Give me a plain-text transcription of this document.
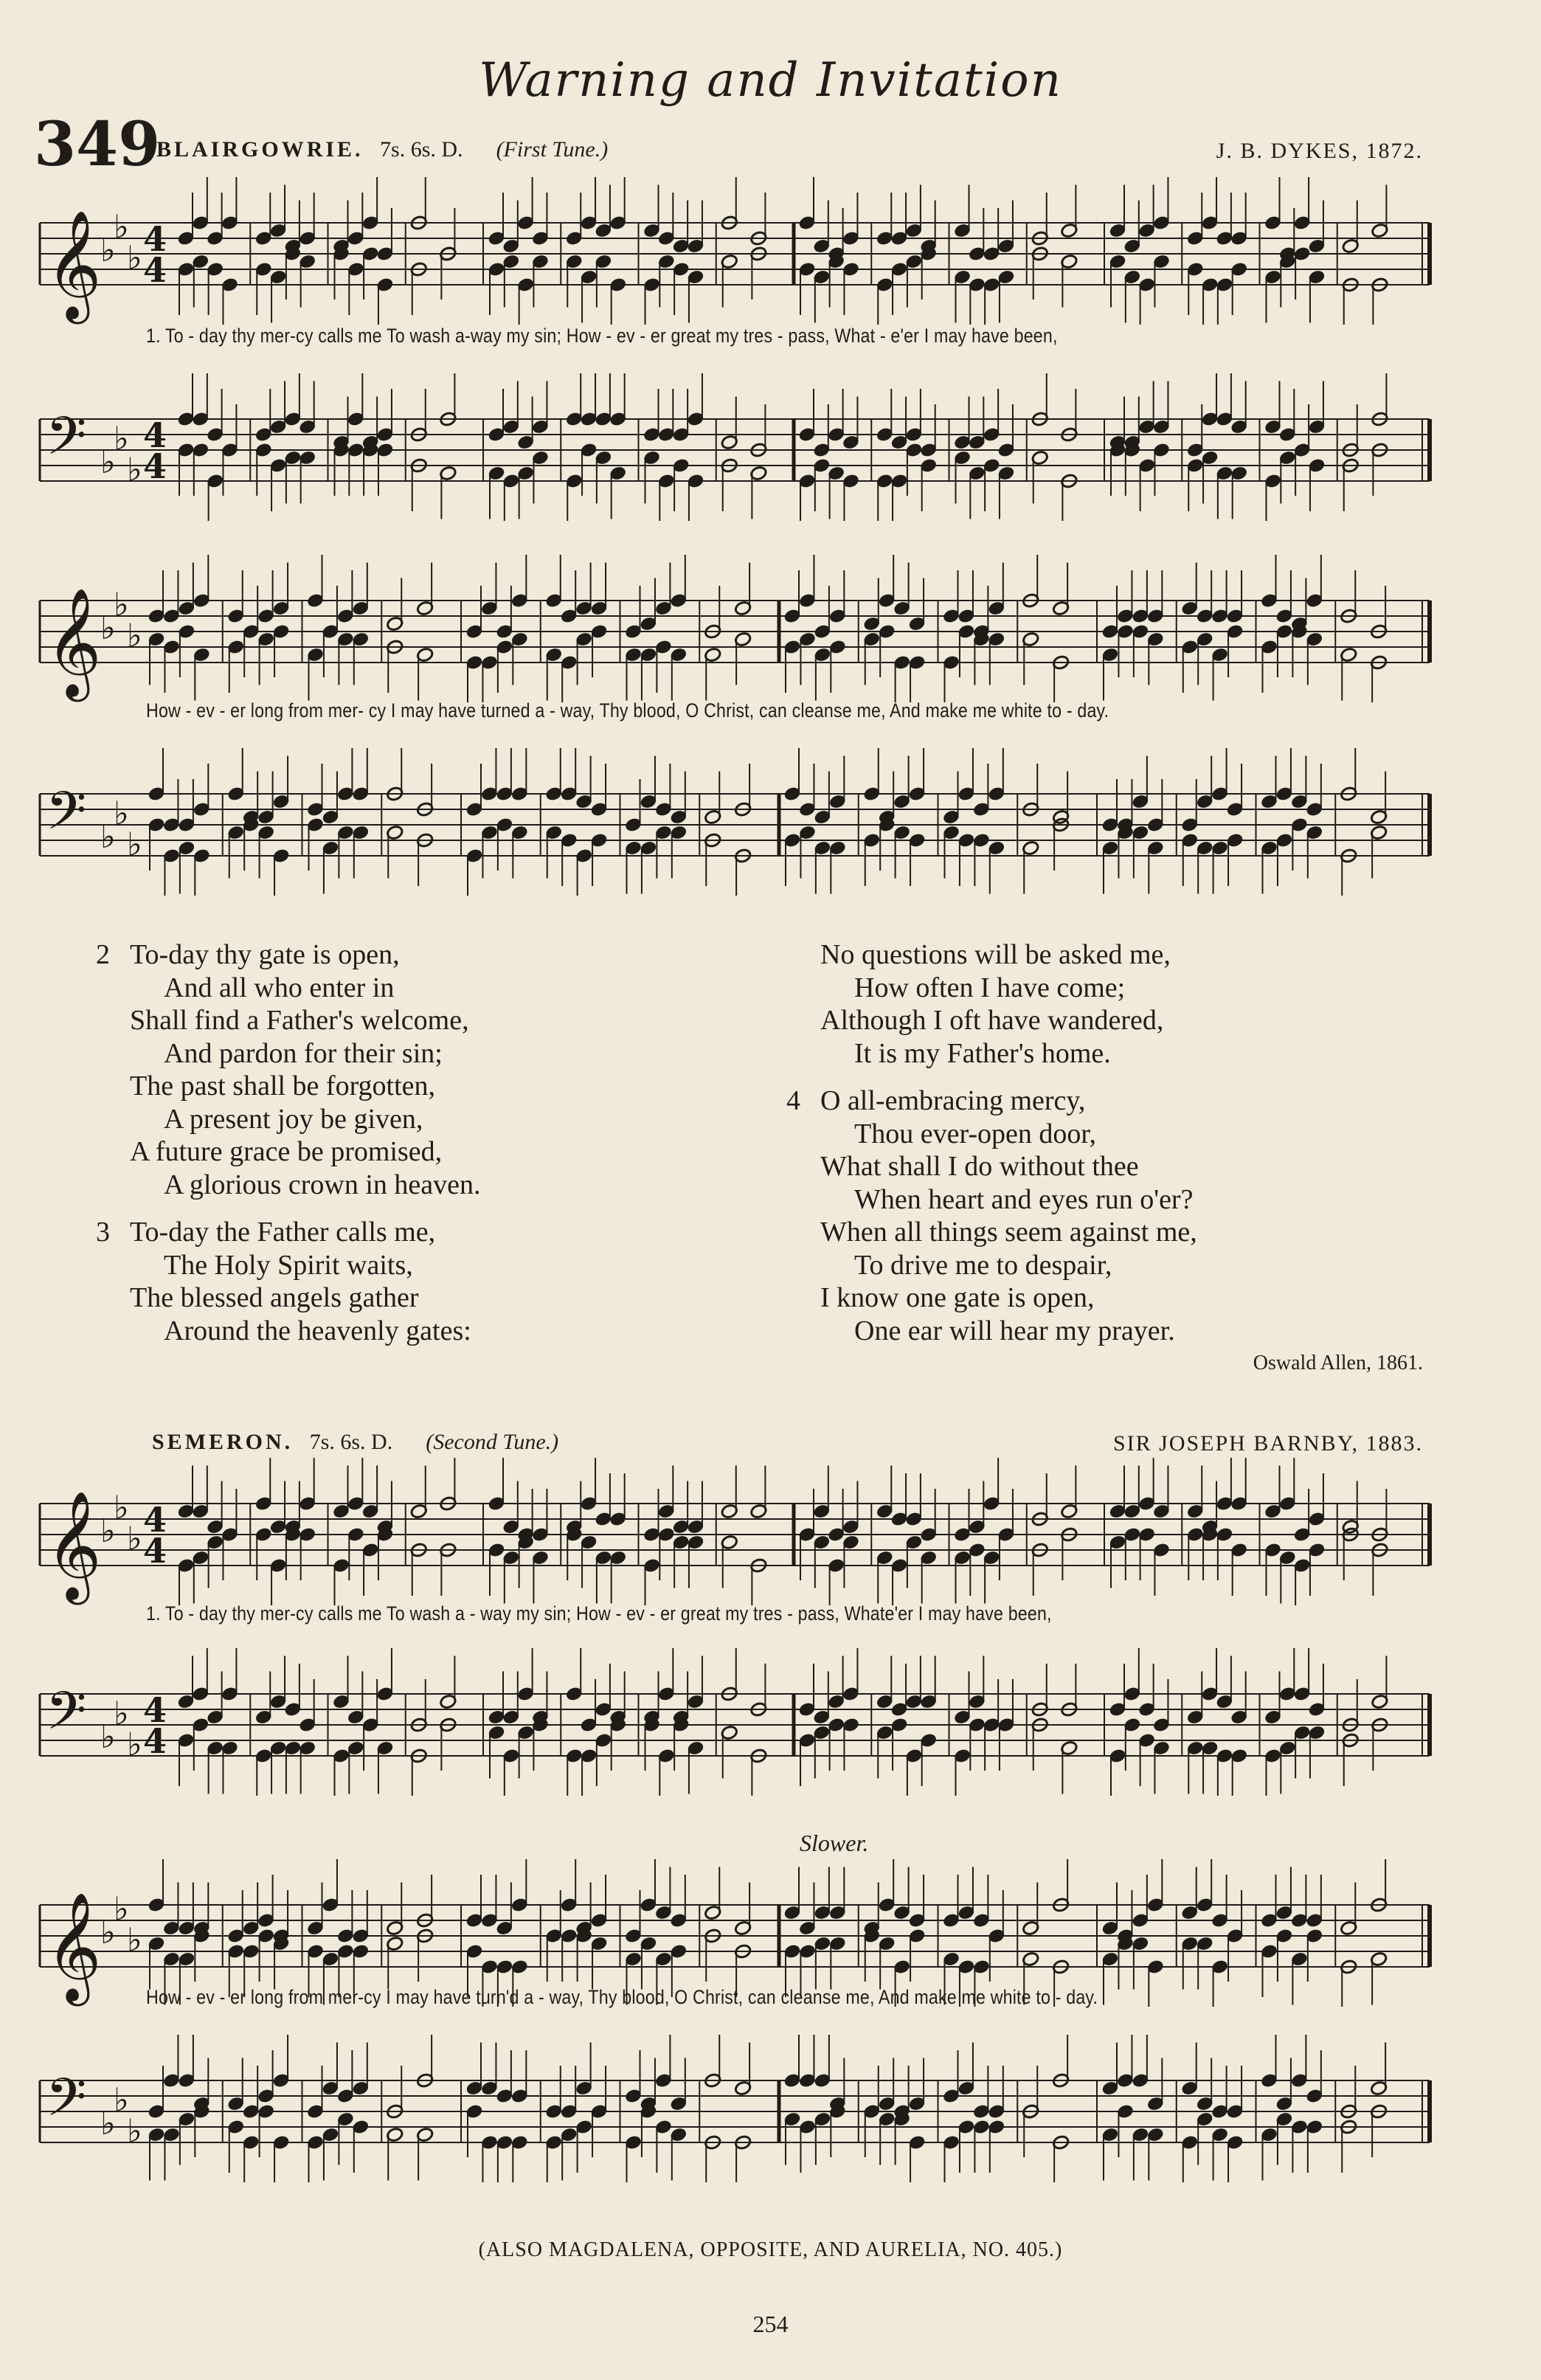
Warning and Invitation
349
BLAIRGOWRIE. 7s. 6s. D. (First Tune.)	J. B. DYKES, 1872.
𝄞
♭
♭
♭ 4
4
1. To - day thy mer-cy calls me To wash a-way my sin; How - ev - er great my tres - pass, What - e'er I may have been,
𝄢 ♭
♭
♭
4
4
𝄞
♭
♭
♭
How - ev - er long from mer- cy I may have turned a - way, Thy blood, O Christ, can cleanse me, And make me white to - day.
𝄢 ♭
♭
♭
2 To-day thy gate is open,
And all who enter in
Shall find a Father's welcome,
And pardon for their sin;
The past shall be forgotten,
A present joy be given,
A future grace be promised,
A glorious crown in heaven.
3 To-day the Father calls me,
The Holy Spirit waits,
The blessed angels gather
Around the heavenly gates:
No questions will be asked me,
How often I have come;
Although I oft have wandered,
It is my Father's home.
4 O all-embracing mercy,
Thou ever-open door,
What shall I do without thee
When heart and eyes run o'er?
When all things seem against me,
To drive me to despair,
I know one gate is open,
One ear will hear my prayer.
Oswald Allen, 1861.
SEMERON. 7s. 6s. D. (Second Tune.)	SIR JOSEPH BARNBY, 1883.
𝄞
♭
♭
♭ 4
4
1. To - day thy mer-cy calls me To wash a - way my sin; How - ev - er great my tres - pass, Whate'er I may have been,
𝄢 ♭
♭
♭
4
4
Slower.
𝄞
♭
♭
♭
How - ev - er long from mer-cy I may have turn'd a - way, Thy blood, O Christ, can cleanse me, And make me white to - day.
𝄢 ♭
♭
♭
(ALSO MAGDALENA, OPPOSITE, AND AURELIA, NO. 405.)
254
